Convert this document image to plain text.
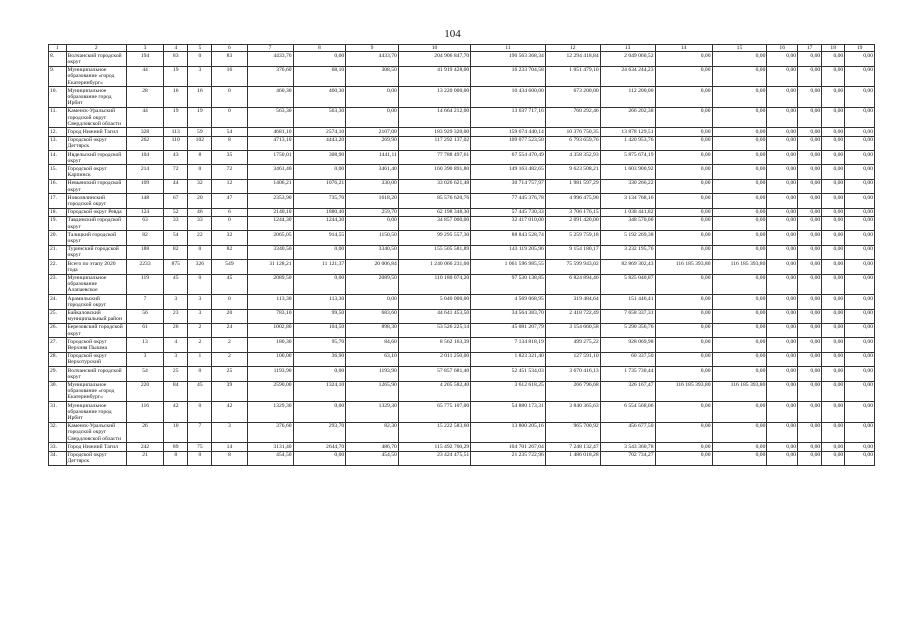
104
1	2	3	4	5	6	7	8	9	10	11	12	13	14	15	16	17	18	19
8.	Волчанский городской округ	194	83	0	83	4433,70	0,00	4433,70	204 906 847,70	190 563 368,34	12 294 418,84	2 049 060,52	0,00	0,00	0,00	0,00	0,00	0,00
9.	Муниципальное образование «город Екатеринбург»	44	19	3	16	376,60	68,10	308,50	41 919 428,00	16 233 704,58	1 051 479,10	24 634 244,23	0,00	0,00	0,00	0,00	0,00	0,00
10.	Муниципальное образование город Ирбит	28	16	16	0	460,30	460,30	0,00	13 220 000,00	10 434 600,00	673 200,00	112 200,00	0,00	0,00	0,00	0,00	0,00	0,00
11.	Каменск-Уральский городской округ Свердловской области	44	19	19	0	563,30	563,30	0,00	14 664 212,00	13 637 717,16	760 292,46	266 202,38	0,00	0,00	0,00	0,00	0,00	0,00
12.	Город Нижний Тагил	328	113	59	54	4681,10	2574,10	2107,00	183 929 320,00	159 674 440,14	10 376 750,35	13 878 129,51	0,00	0,00	0,00	0,00	0,00	0,00
13.	Городской округ Дегтярск	262	110	102	8	4713,10	4443,20	269,90	117 292 137,02	109 077 523,50	6 793 659,76	1 420 953,76	0,00	0,00	0,00	0,00	0,00	0,00
14.	Ивдельский городской округ	104	43	8	35	1750,01	308,90	1441,11	77 788 497,61	67 554 470,49	4 358 352,93	5 875 674,19	0,00	0,00	0,00	0,00	0,00	0,00
15.	Городской округ Карпинск	214	72	0	72	3461,40	0,00	3461,40	160 390 891,80	149 163 482,65	9 623 508,21	1 603 900,92	0,00	0,00	0,00	0,00	0,00	0,00
16.	Невьянский городской округ	109	44	32	12	1406,21	1076,21	330,00	33 026 621,48	30 714 757,97	1 981 597,29	330 266,22	0,00	0,00	0,00	0,00	0,00	0,00
17.	Новолялинский городской округ	148	67	20	47	2353,90	735,70	1618,20	85 576 620,76	77 445 376,78	4 996 475,90	3 134 768,16	0,00	0,00	0,00	0,00	0,00	0,00
18.	Городской округ Ревда	124	52	46	6	2140,10	1880,40	259,70	62 198 348,30	57 445 730,33	3 706 176,15	1 038 441,82	0,00	0,00	0,00	0,00	0,00	0,00
19.	Тавдинский городской округ	63	33	33	0	1244,30	1244,30	0,00	34 857 000,00	32 417 010,00	2 091 420,00	348 570,00	0,00	0,00	0,00	0,00	0,00	0,00
20.	Талицкий городской округ	82	54	22	32	2065,05	914,55	1150,50	99 295 557,30	88 843 528,74	5 259 759,18	5 192 269,38	0,00	0,00	0,00	0,00	0,00	0,00
21.	Туринский городской округ	188	82	0	82	3340,50	0,00	3340,50	155 505 581,89	143 119 205,96	9 154 180,17	3 232 195,76	0,00	0,00	0,00	0,00	0,00	0,00
22.	Всего по этапу 2020 года	2233	875	326	549	31 128,21	11 121,37	20 006,84	1 240 066 231,00	1 061 596 985,55	75 599 943,02	82 869 302,43	116 185 393,80	116 185 393,80	0,00	0,00	0,00	0,00
23.	Муниципальное образование Алапаевское	119	45	0	45	2089,50	0,00	2089,50	110 180 074,20	97 530 138,85	6 824 894,46	5 825 040,87	0,00	0,00	0,00	0,00	0,00	0,00
24.	Арамильский городской округ	7	3	3	0	113,30	113,30	0,00	5 040 000,00	4 569 068,95	319 484,64	151 446,41	0,00	0,00	0,00	0,00	0,00	0,00
25.	Байкаловский муниципальный район	56	23	3	20	783,10	99,50	683,60	44 641 453,50	34 564 383,70	2 418 722,49	7 658 337,31	0,00	0,00	0,00	0,00	0,00	0,00
26.	Березовский городской округ	61	26	2	24	1002,80	104,50	898,30	53 526 225,14	45 081 207,79	3 154 660,58	5 290 356,76	0,00	0,00	0,00	0,00	0,00	0,00
27.	Городской округ Верхняя Пышма	13	4	2	2	180,30	95,70	84,60	8 562 163,39	7 134 818,19	499 275,22	928 069,98	0,00	0,00	0,00	0,00	0,00	0,00
28.	Городской округ Верхотурский	3	3	1	2	100,00	36,90	63,10	2 011 250,00	1 823 321,40	127 591,10	60 337,50	0,00	0,00	0,00	0,00	0,00	0,00
29.	Волчанский городской округ	54	25	0	25	1193,90	0,00	1193,90	57 857 681,40	52 451 534,03	3 670 416,13	1 735 730,44	0,00	0,00	0,00	0,00	0,00	0,00
30.	Муниципальное образование «город Екатеринбург»	220	84	45	39	2590,00	1324,10	1265,90	4 205 582,40	3 612 618,25	266 796,68	326 167,47	116 185 393,80	116 185 393,80	0,00	0,00	0,00	0,00
31.	Муниципальное образование город Ирбит	116	42	0	42	1329,30	0,00	1329,30	65 775 107,00	54 880 173,31	3 840 365,63	6 554 568,06	0,00	0,00	0,00	0,00	0,00	0,00
32.	Каменск-Уральский городской округ Свердловской области	26	10	7	3	376,60	293,70	82,30	15 222 583,60	13 800 205,16	965 700,92	456 677,50	0,00	0,00	0,00	0,00	0,00	0,00
33.	Город Нижний Тагил	242	89	75	14	3131,40	2644,70	486,70	115 492 760,29	104 701 267,04	7 248 132,47	3 543 360,78	0,00	0,00	0,00	0,00	0,00	0,00
34.	Городской округ Дегтярск	21	8	0	8	454,50	0,00	454,50	23 424 475,51	21 235 722,96	1 486 018,28	702 734,27	0,00	0,00	0,00	0,00	0,00	0,00
